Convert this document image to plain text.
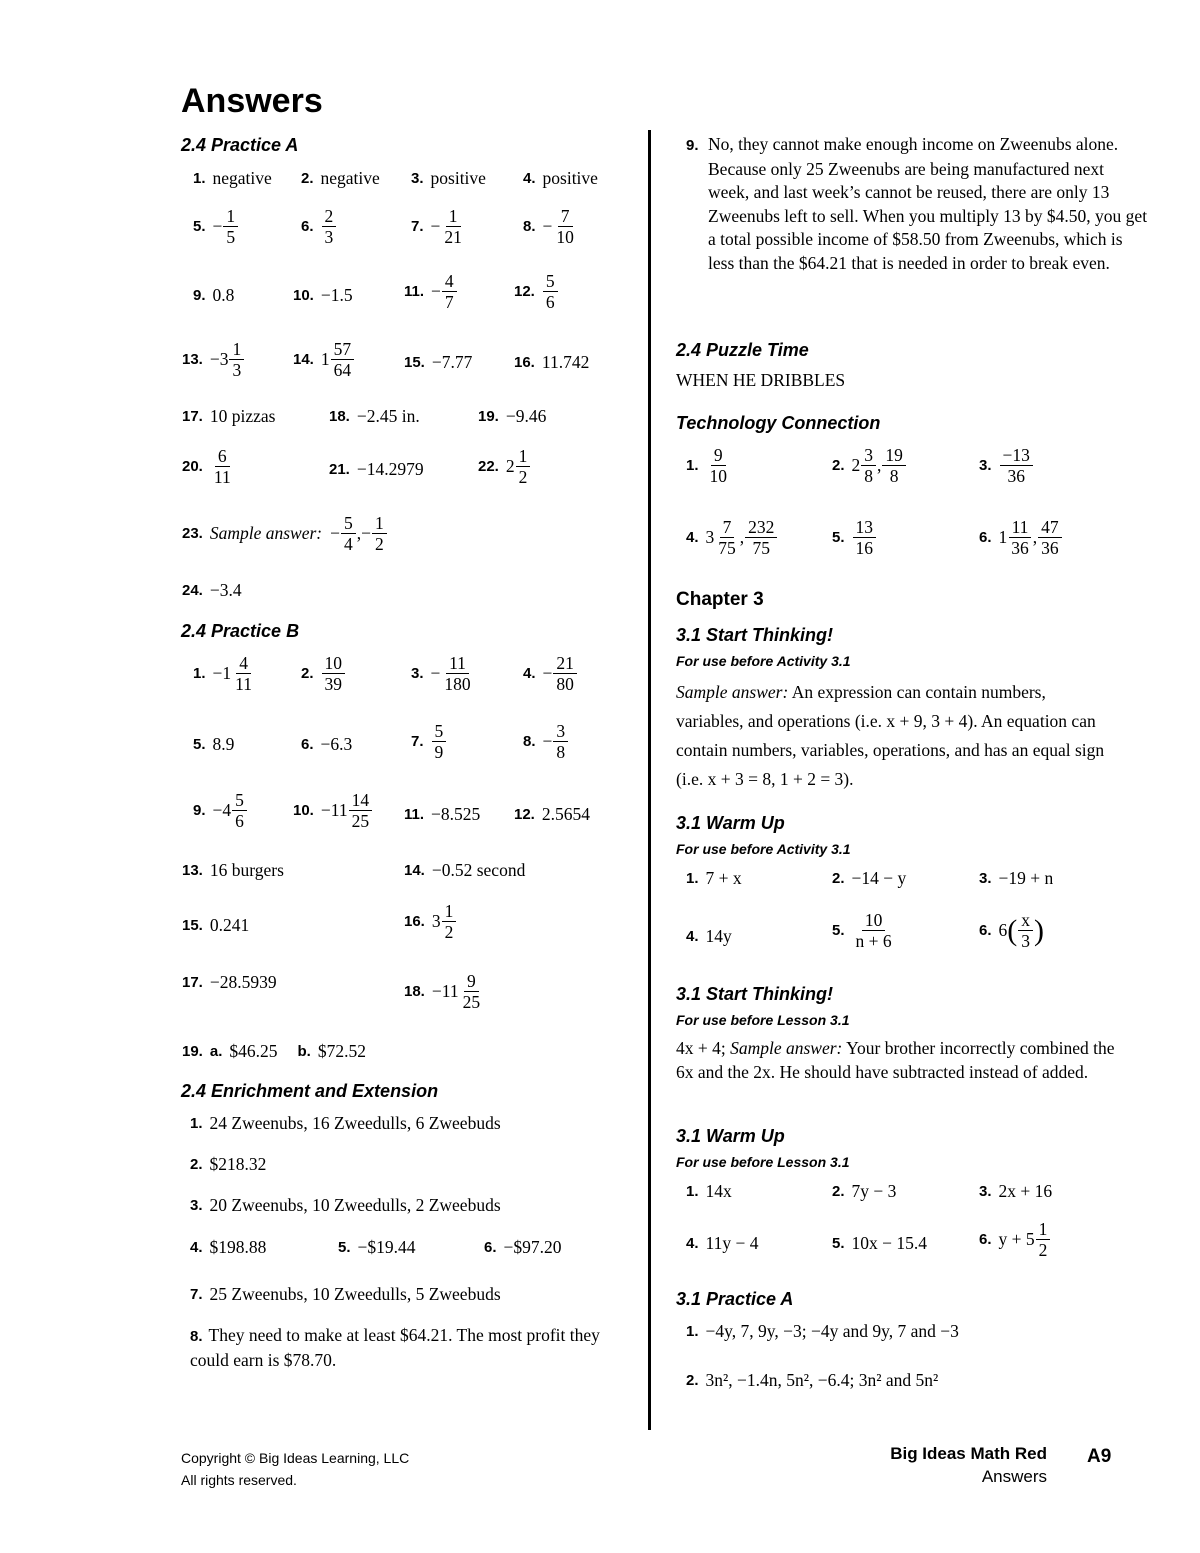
Answers
2.4 Practice A
1. negative 2. negative 3. positive 4. positive
5. − $\frac{1}{5}$	6. $\frac{2}{3}$	7. − $\frac{1}{21}$	8. − $\frac{7}{10}$
9. 0.8	10. −1.5	11. − $\frac{4}{7}$	12. $\frac{5}{6}$
13. $-3 \frac{1}{3}$	14. $1 \frac{57}{64}$	15. −7.77	16. 11.742
17. 10 pizzas	18. −2.45 in.	19. −9.46
20. $\frac{6}{11}$	21. −14.2979	22. $2 \frac{1}{2}$
23. Sample answer: − $\frac{5}{4}$ ,− $\frac{1}{2}$
24. −3.4
2.4 Practice B
2.4 Enrichment and Extension
8. They need to make at least $64.21. The most profit they could earn is $78.70.
9. No, they cannot make enough income on Zweenubs alone. Because only 25 Zweenubs are being manufactured next week, and last week’s cannot be reused, there are only 13 Zweenubs left to sell. When you multiply 13 by $4.50, you get a total possible income of $58.50 from Zweenubs, which is less than the $64.21 that is needed in order to break even.
2.4 Puzzle Time
WHEN HE DRIBBLES
Technology Connection
1. $\frac{9}{10}$	2. $2 \frac{3}{8}$ , $\frac{19}{8}$	3. $\frac{-13}{36}$
4. $3 \frac{7}{75}$ , $\frac{232}{75}$	5. $\frac{13}{16}$	6. $1 \frac{11}{36}$ , $\frac{47}{36}$
Chapter 3
3.1 Start Thinking!
For use before Activity 3.1
Sample answer: An expression can contain numbers, variables, and operations (i.e. x + 9, 3 + 4). An equation can contain numbers, variables, operations, and has an equal sign (i.e. x + 3 = 8, 1 + 2 = 3).
3.1 Warm Up
For use before Activity 3.1
3.1 Start Thinking!
For use before Lesson 3.1
4x + 4; Sample answer: Your brother incorrectly combined the 6x and the 2x. He should have subtracted instead of added.
3.1 Warm Up
For use before Lesson 3.1
3.1 Practice A
Copyright © Big Ideas Learning, LLC
All rights reserved.
Big Ideas Math Red
Answers
A9
1. $-1 \frac{4}{11}$	2. $\frac{10}{39}$	3. − $\frac{11}{180}$	4. − $\frac{21}{80}$
5. 8.9	6. −6.3	7. $\frac{5}{9}$	8. − $\frac{3}{8}$
9. $-4 \frac{5}{6}$	10. $-11 \frac{14}{25} 11$. −8.525 12. 2.5654
13. 16 burgers	14. −0.52 second
15. 0.241	16. $3 \frac{1}{2}$
17. −28.5939	18. $-11 \frac{9}{25}$
19. a. $46.25 b. $72.52
1. 24 Zweenubs, 16 Zweedulls, 6 Zweebuds
2. $218.32
3. 20 Zweenubs, 10 Zweedulls, 2 Zweebuds
4. $198.88	5. −$19.44	6. −$97.20
7. 25 Zweenubs, 10 Zweedulls, 5 Zweebuds
1. 7 + x	2. −14 − y	3. −19 + n
4. 14y	5. $\frac{10}{n + 6}$	6. 6 ( $\frac{x}{3}$ )
1. 14x	2. 7y − 3	3. 2x + 16
4. 11y − 4	5. 10x − 15.4	6. $y + 5 \frac{1}{2}$
1. −4y, 7, 9y, −3; −4y and 9y, 7 and −3
2. 3n², −1.4n, 5n², −6.4; 3n² and 5n²
